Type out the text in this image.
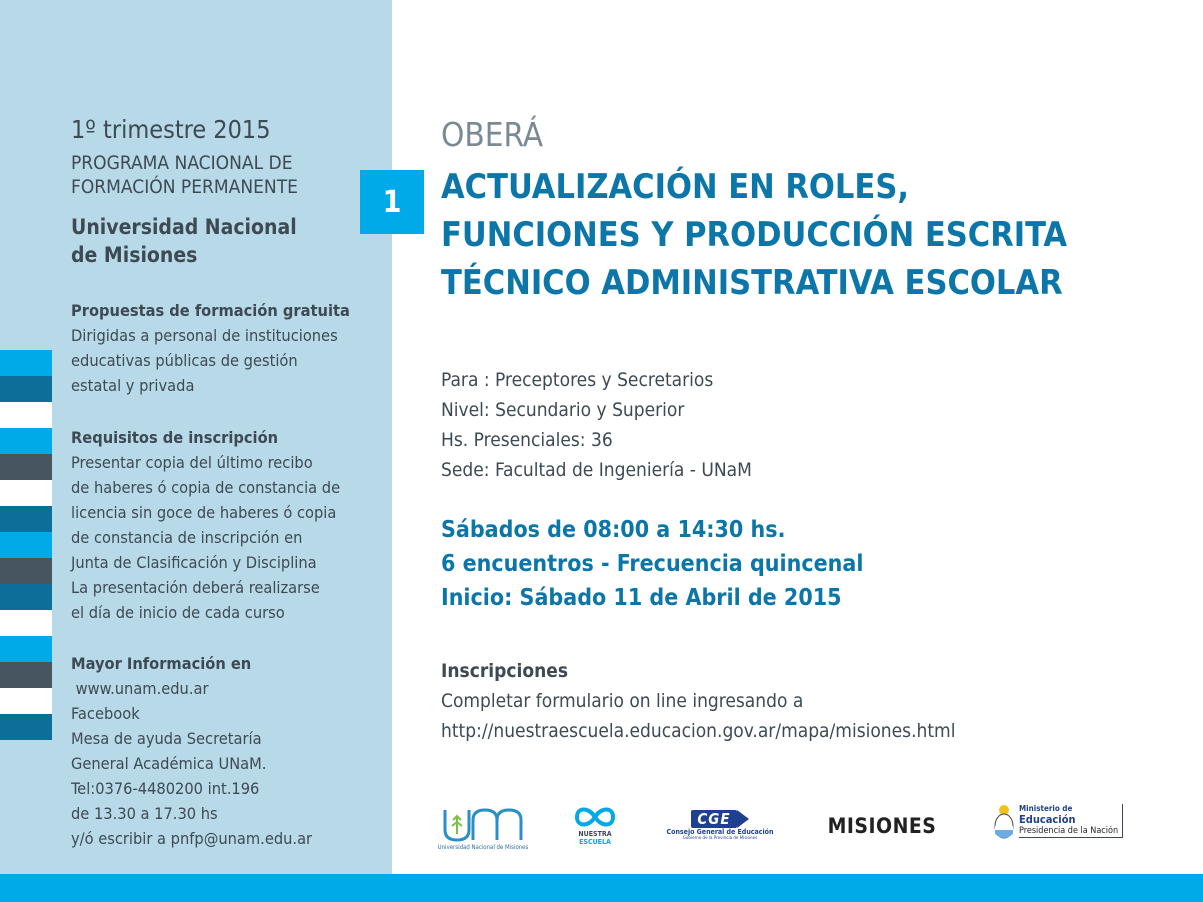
1º trimestre 2015
PROGRAMA NACIONAL DE
FORMACIÓN PERMANENTE
Universidad Nacional
de Misiones
Propuestas de formación gratuita
Dirigidas a personal de instituciones
educativas públicas de gestión
estatal y privada
Requisitos de inscripción
Presentar copia del último recibo
de haberes ó copia de constancia de
licencia sin goce de haberes ó copia
de constancia de inscripción en
Junta de Clasificación y Disciplina
La presentación deberá realizarse
el día de inicio de cada curso
Mayor Información en
www.unam.edu.ar
Facebook
Mesa de ayuda Secretaría
General Académica UNaM.
Tel:0376-4480200 int.196
de 13.30 a 17.30 hs
y/ó escribir a pnfp@unam.edu.ar
1
OBERÁ
ACTUALIZACIÓN EN ROLES,
FUNCIONES Y PRODUCCIÓN ESCRITA
TÉCNICO ADMINISTRATIVA ESCOLAR
Para : Preceptores y Secretarios
Nivel: Secundario y Superior
Hs. Presenciales: 36
Sede: Facultad de Ingeniería - UNaM
Sábados de 08:00 a 14:30 hs.
6 encuentros - Frecuencia quincenal
Inicio: Sábado 11 de Abril de 2015
Inscripciones
Completar formulario on line ingresando a
http://nuestraescuela.educacion.gov.ar/mapa/misiones.html
Universidad Nacional de Misiones
NUESTRA
ESCUELA
CGE
Consejo General de Educación
Gobierno de la Provincia de Misiones
MISIONES
Ministerio de
Educación
Presidencia de la Nación
